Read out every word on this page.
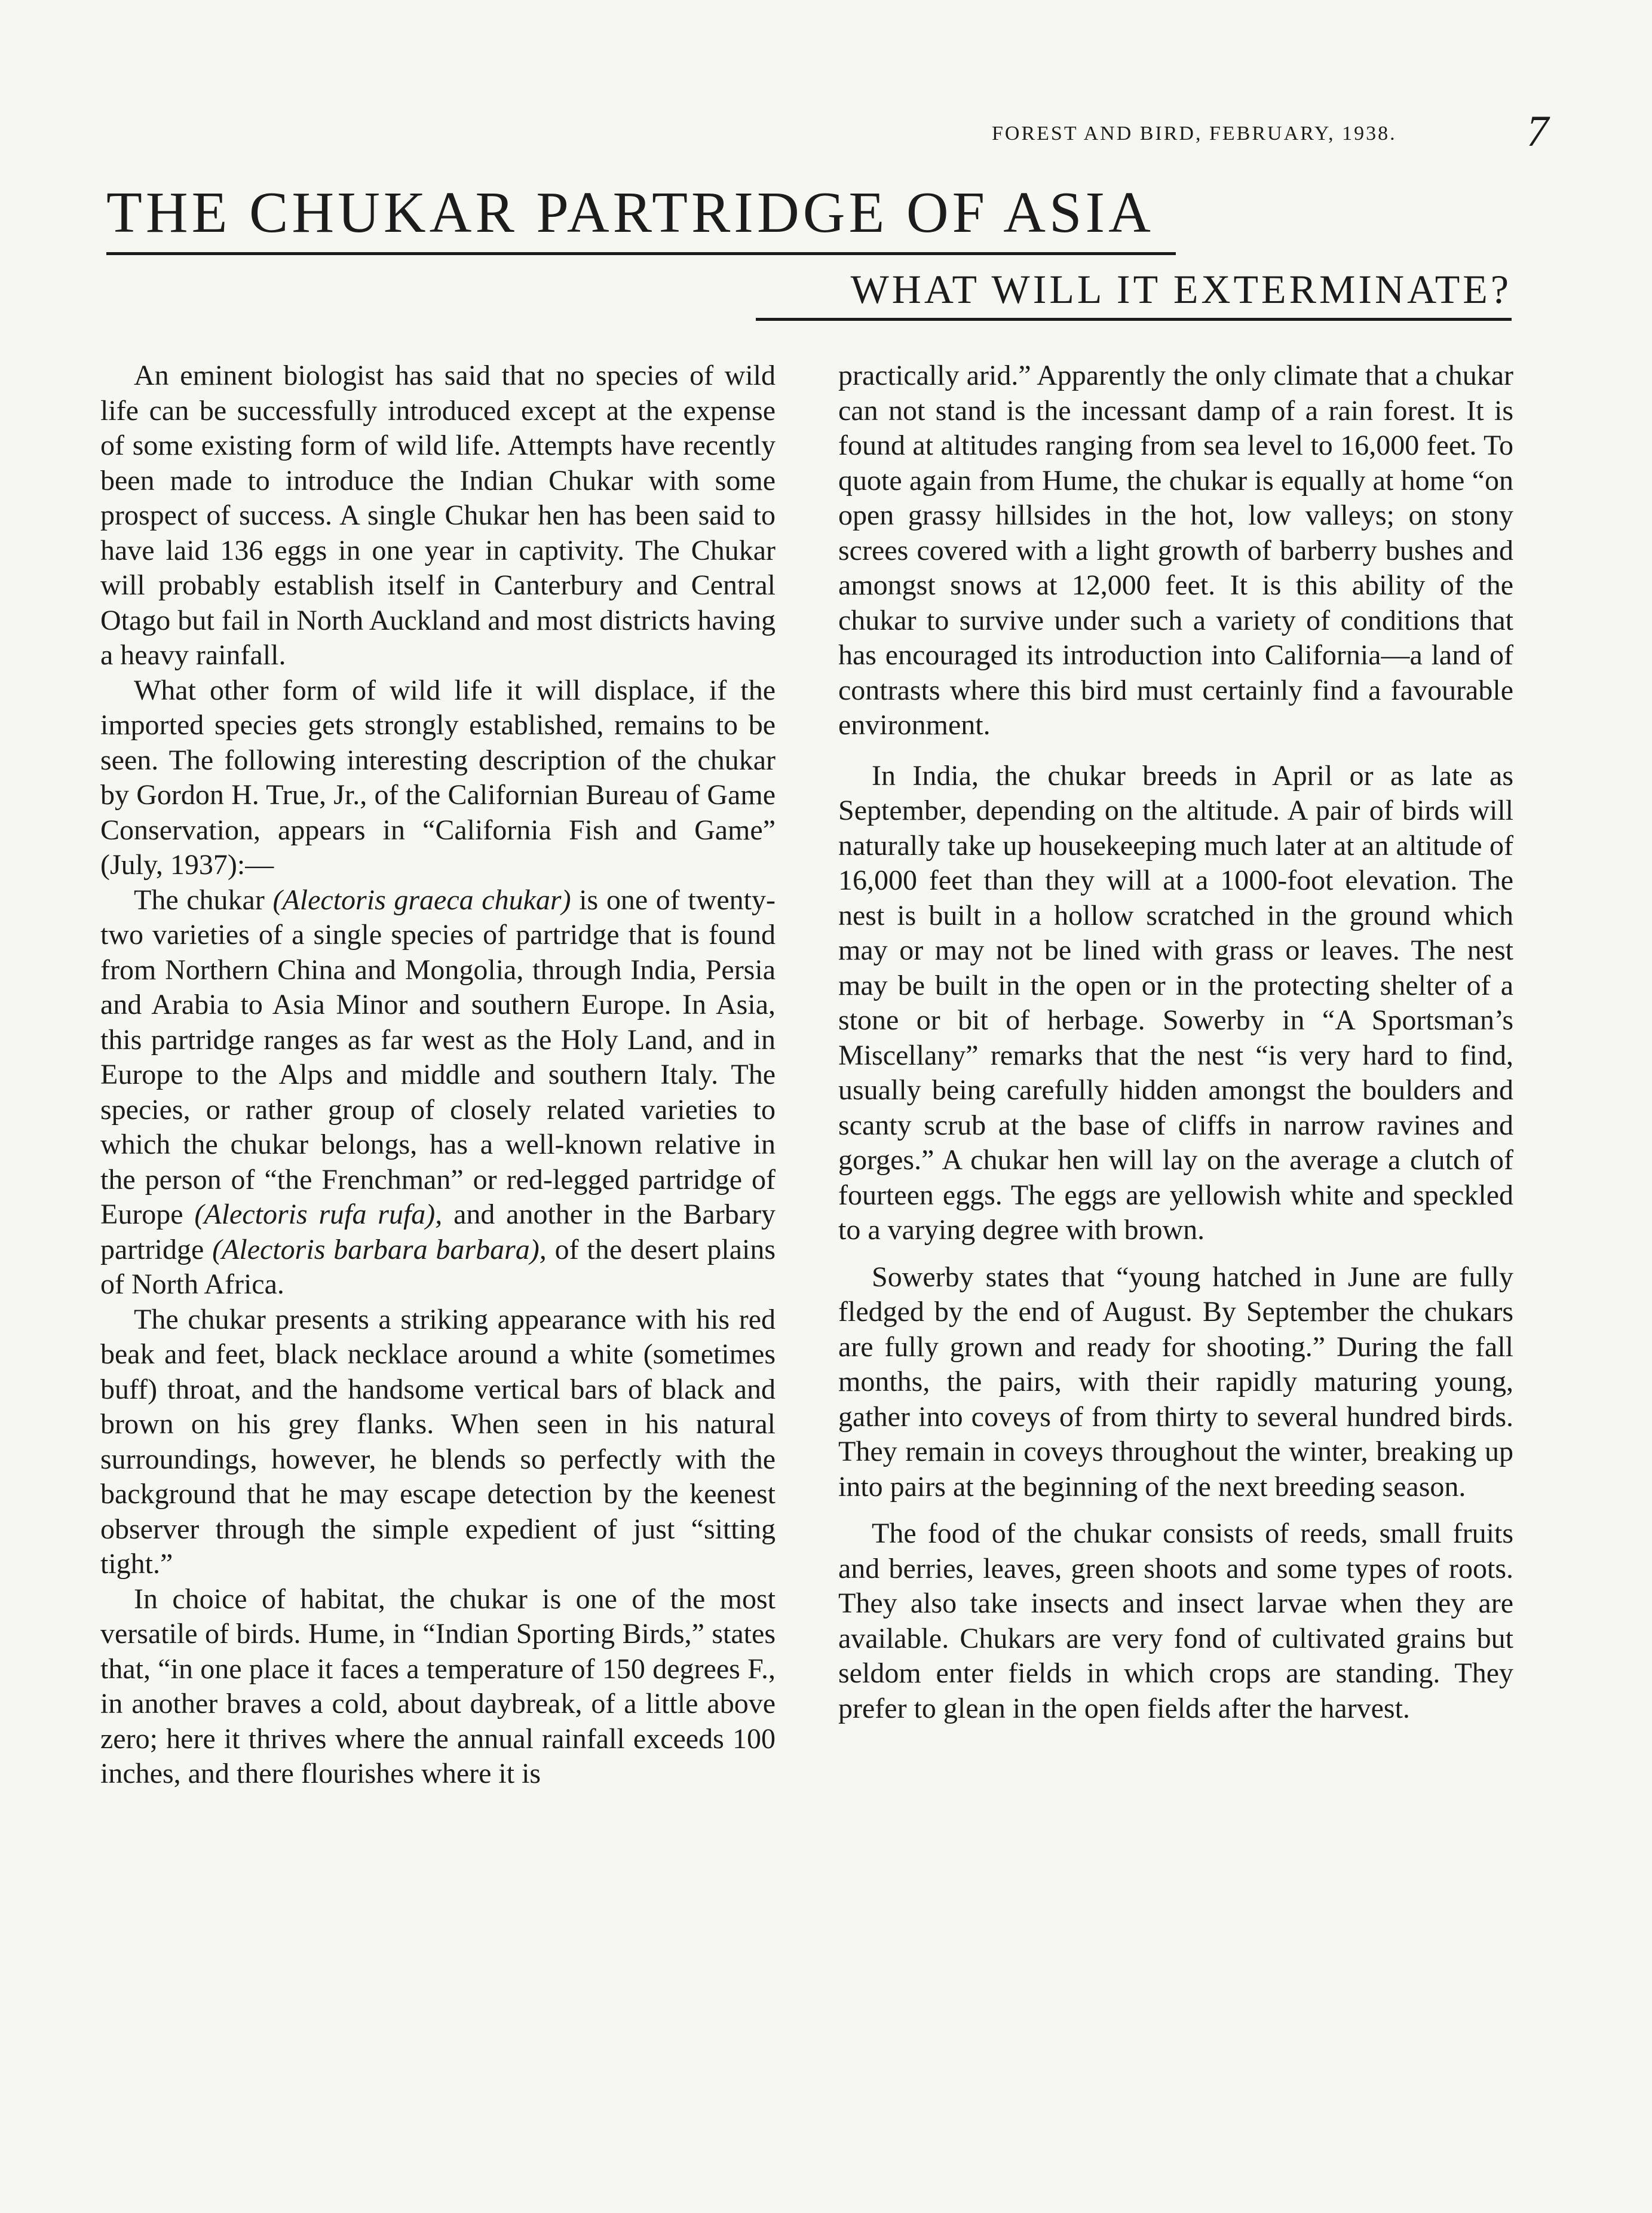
FOREST AND BIRD, FEBRUARY, 1938.	7
THE CHUKAR PARTRIDGE OF ASIA
WHAT WILL IT EXTERMINATE?

An eminent biologist has said that no species of wild life can be successfully introduced except at the expense of some existing form of wild life. Attempts have recently been made to introduce the Indian Chukar with some prospect of success. A single Chukar hen has been said to have laid 136 eggs in one year in captivity. The Chukar will probably establish itself in Canterbury and Central Otago but fail in North Auckland and most districts having a heavy rainfall.

What other form of wild life it will displace, if the imported species gets strongly established, remains to be seen. The following interesting description of the chukar by Gordon H. True, Jr., of the Californian Bureau of Game Conservation, appears in “California Fish and Game” (July, 1937):—

The chukar (Alectoris graeca chukar) is one of twenty-two varieties of a single species of partridge that is found from Northern China and Mongolia, through India, Persia and Arabia to Asia Minor and southern Europe. In Asia, this partridge ranges as far west as the Holy Land, and in Europe to the Alps and middle and southern Italy. The species, or rather group of closely related varieties to which the chukar belongs, has a well-known relative in the person of “the Frenchman” or red-legged partridge of Europe (Alectoris rufa rufa), and another in the Barbary partridge (Alectoris barbara barbara), of the desert plains of North Africa.

The chukar presents a striking appearance with his red beak and feet, black necklace around a white (sometimes buff) throat, and the handsome vertical bars of black and brown on his grey flanks. When seen in his natural surroundings, however, he blends so perfectly with the background that he may escape detection by the keenest observer through the simple expedient of just “sitting tight.”

In choice of habitat, the chukar is one of the most versatile of birds. Hume, in “Indian Sporting Birds,” states that, “in one place it faces a temperature of 150 degrees F., in another braves a cold, about daybreak, of a little above zero; here it thrives where the annual rainfall exceeds 100 inches, and there flourishes where it is

practically arid.” Apparently the only climate that a chukar can not stand is the incessant damp of a rain forest. It is found at altitudes ranging from sea level to 16,000 feet. To quote again from Hume, the chukar is equally at home “on open grassy hillsides in the hot, low valleys; on stony screes covered with a light growth of barberry bushes and amongst snows at 12,000 feet. It is this ability of the chukar to survive under such a variety of conditions that has encouraged its introduction into California—a land of contrasts where this bird must certainly find a favourable environment.

In India, the chukar breeds in April or as late as September, depending on the altitude. A pair of birds will naturally take up housekeeping much later at an altitude of 16,000 feet than they will at a 1000-foot elevation. The nest is built in a hollow scratched in the ground which may or may not be lined with grass or leaves. The nest may be built in the open or in the protecting shelter of a stone or bit of herbage. Sowerby in “A Sportsman’s Miscellany” remarks that the nest “is very hard to find, usually being carefully hidden amongst the boulders and scanty scrub at the base of cliffs in narrow ravines and gorges.” A chukar hen will lay on the average a clutch of fourteen eggs. The eggs are yellowish white and speckled to a varying degree with brown.

Sowerby states that “young hatched in June are fully fledged by the end of August. By September the chukars are fully grown and ready for shooting.” During the fall months, the pairs, with their rapidly maturing young, gather into coveys of from thirty to several hundred birds. They remain in coveys throughout the winter, breaking up into pairs at the beginning of the next breeding season.

The food of the chukar consists of reeds, small fruits and berries, leaves, green shoots and some types of roots. They also take insects and insect larvae when they are available. Chukars are very fond of cultivated grains but seldom enter fields in which crops are standing. They prefer to glean in the open fields after the harvest.
